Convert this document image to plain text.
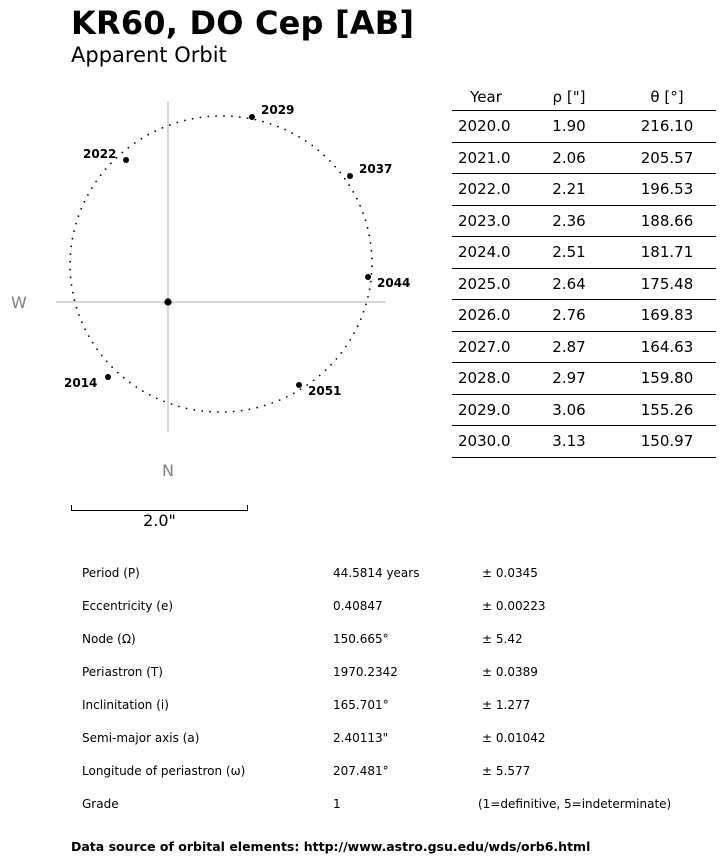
KR60, DO Cep [AB]
Apparent Orbit
2029
2037
2044
2051
2014
2022
W
N
2.0"
Year	ρ ["]	θ [°]
2020.0	1.90	216.10
2021.0	2.06	205.57
2022.0	2.21	196.53
2023.0	2.36	188.66
2024.0	2.51	181.71
2025.0	2.64	175.48
2026.0	2.76	169.83
2027.0	2.87	164.63
2028.0	2.97	159.80
2029.0	3.06	155.26
2030.0	3.13	150.97
Period (P)	44.5814 years	± 0.0345
Eccentricity (e)	0.40847	± 0.00223
Node (Ω)	150.665°	± 5.42
Periastron (T)	1970.2342	± 0.0389
Inclinitation (i)	165.701°	± 1.277
Semi-major axis (a)	2.40113"	± 0.01042
Longitude of periastron (ω)	207.481°	± 5.577
Grade	1	(1=definitive, 5=indeterminate)
Data source of orbital elements: http://www.astro.gsu.edu/wds/orb6.html
